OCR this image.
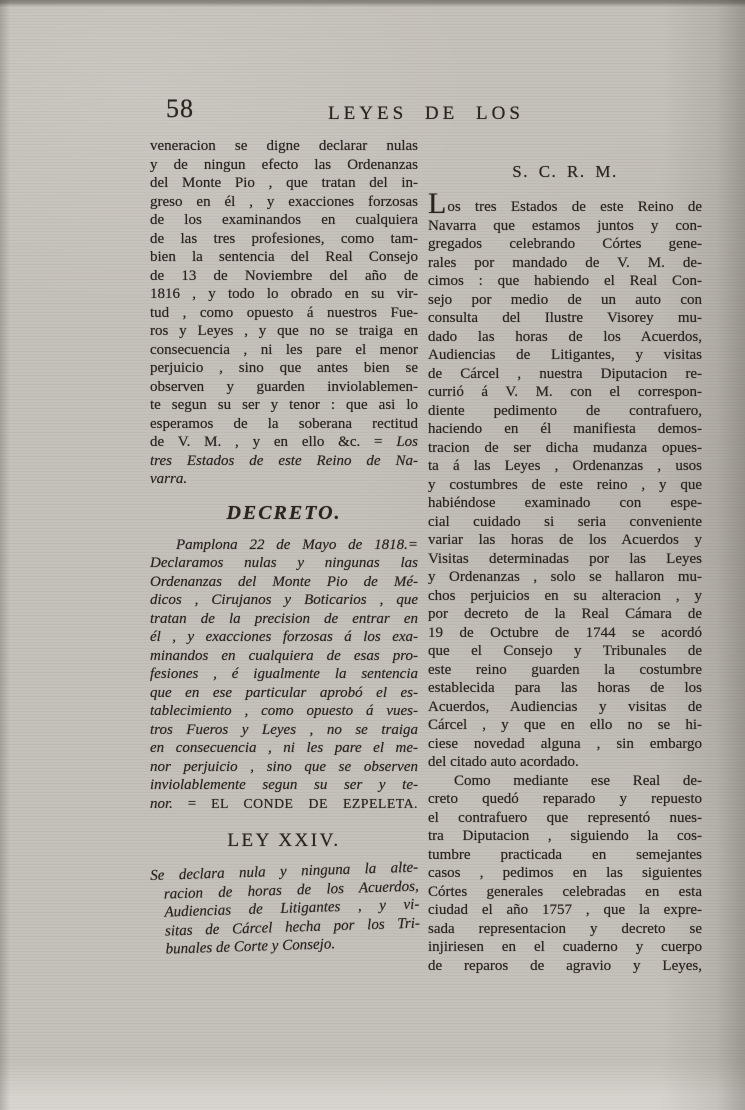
58	LEYES DE LOS
veneracion se digne declarar nulas
y de ningun efecto las Ordenanzas
del Monte Pio , que tratan del in-
greso en él , y exacciones forzosas
de los examinandos en cualquiera
de las tres profesiones, como tam-
bien la sentencia del Real Consejo
de 13 de Noviembre del año de
1816 , y todo lo obrado en su vir-
tud , como opuesto á nuestros Fue-
ros y Leyes , y que no se traiga en
consecuencia , ni les pare el menor
perjuicio , sino que antes bien se
observen y guarden inviolablemen-
te segun su ser y tenor : que asi lo
esperamos de la soberana rectitud
de V. M. , y en ello &c. = Los
tres Estados de este Reino de Na-
varra.
DECRETO.
Pamplona 22 de Mayo de 1818.=
Declaramos nulas y ningunas las
Ordenanzas del Monte Pio de Mé-
dicos , Cirujanos y Boticarios , que
tratan de la precision de entrar en
él , y exacciones forzosas á los exa-
minandos en cualquiera de esas pro-
fesiones , é igualmente la sentencia
que en ese particular aprobó el es-
tablecimiento , como opuesto á vues-
tros Fueros y Leyes , no se traiga
en consecuencia , ni les pare el me-
nor perjuicio , sino que se observen
inviolablemente segun su ser y te-
nor. = EL CONDE DE EZPELETA.
LEY XXIV.
Se declara nula y ninguna la alte-
racion de horas de los Acuerdos,
Audiencias de Litigantes , y vi-
sitas de Cárcel hecha por los Tri-
bunales de Corte y Consejo.
S. C. R. M.
Los tres Estados de este Reino de
Navarra que estamos juntos y con-
gregados celebrando Córtes gene-
rales por mandado de V. M. de-
cimos : que habiendo el Real Con-
sejo por medio de un auto con
consulta del Ilustre Visorey mu-
dado las horas de los Acuerdos,
Audiencias de Litigantes, y visitas
de Cárcel , nuestra Diputacion re-
currió á V. M. con el correspon-
diente pedimento de contrafuero,
haciendo en él manifiesta demos-
tracion de ser dicha mudanza opues-
ta á las Leyes , Ordenanzas , usos
y costumbres de este reino , y que
habiéndose examinado con espe-
cial cuidado si seria conveniente
variar las horas de los Acuerdos y
Visitas determinadas por las Leyes
y Ordenanzas , solo se hallaron mu-
chos perjuicios en su alteracion , y
por decreto de la Real Cámara de
19 de Octubre de 1744 se acordó
que el Consejo y Tribunales de
este reino guarden la costumbre
establecida para las horas de los
Acuerdos, Audiencias y visitas de
Cárcel , y que en ello no se hi-
ciese novedad alguna , sin embargo
del citado auto acordado.
Como mediante ese Real de-
creto quedó reparado y repuesto
el contrafuero que representó nues-
tra Diputacion , siguiendo la cos-
tumbre practicada en semejantes
casos , pedimos en las siguientes
Córtes generales celebradas en esta
ciudad el año 1757 , que la expre-
sada representacion y decreto se
injiriesen en el cuaderno y cuerpo
de reparos de agravio y Leyes,
